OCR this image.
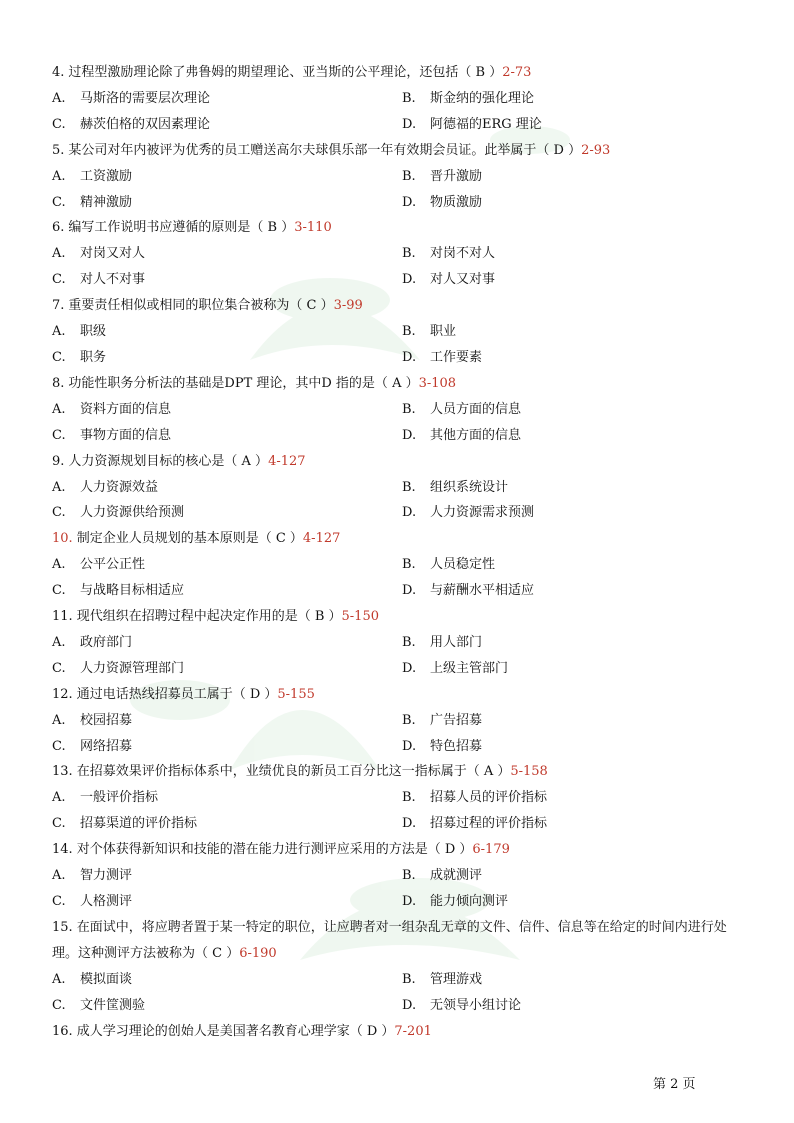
4. 过程型激励理论除了弗鲁姆的期望理论、亚当斯的公平理论，还包括（ B ）2-73
A. 马斯洛的需要层次理论	B. 斯金纳的强化理论
C. 赫茨伯格的双因素理论	D. 阿德福的ERG 理论
5. 某公司对年内被评为优秀的员工赠送高尔夫球俱乐部一年有效期会员证。此举属于（ D ）2-93
A. 工资激励	B. 晋升激励
C. 精神激励	D. 物质激励
6. 编写工作说明书应遵循的原则是（ B ）3-110
A. 对岗又对人	B. 对岗不对人
C. 对人不对事	D. 对人又对事
7. 重要责任相似或相同的职位集合被称为（ C ）3-99
A. 职级	B. 职业
C. 职务	D. 工作要素
8. 功能性职务分析法的基础是DPT 理论，其中D 指的是（ A ）3-108
A. 资料方面的信息	B. 人员方面的信息
C. 事物方面的信息	D. 其他方面的信息
9. 人力资源规划目标的核心是（ A ）4-127
A. 人力资源效益	B. 组织系统设计
C. 人力资源供给预测	D. 人力资源需求预测
10. 制定企业人员规划的基本原则是（ C ）4-127
A. 公平公正性	B. 人员稳定性
C. 与战略目标相适应	D. 与薪酬水平相适应
11. 现代组织在招聘过程中起决定作用的是（ B ）5-150
A. 政府部门	B. 用人部门
C. 人力资源管理部门	D. 上级主管部门
12. 通过电话热线招募员工属于（ D ）5-155
A. 校园招募	B. 广告招募
C. 网络招募	D. 特色招募
13. 在招募效果评价指标体系中，业绩优良的新员工百分比这一指标属于（ A ）5-158
A. 一般评价指标	B. 招募人员的评价指标
C. 招募渠道的评价指标	D. 招募过程的评价指标
14. 对个体获得新知识和技能的潜在能力进行测评应采用的方法是（ D ）6-179
A. 智力测评	B. 成就测评
C. 人格测评	D. 能力倾向测评
15. 在面试中，将应聘者置于某一特定的职位，让应聘者对一组杂乱无章的文件、信件、信息等在给定的时间内进行处理。这种测评方法被称为（ C ）6-190
A. 模拟面谈	B. 管理游戏
C. 文件筐测验	D. 无领导小组讨论
16. 成人学习理论的创始人是美国著名教育心理学家（ D ）7-201
第 2 页
